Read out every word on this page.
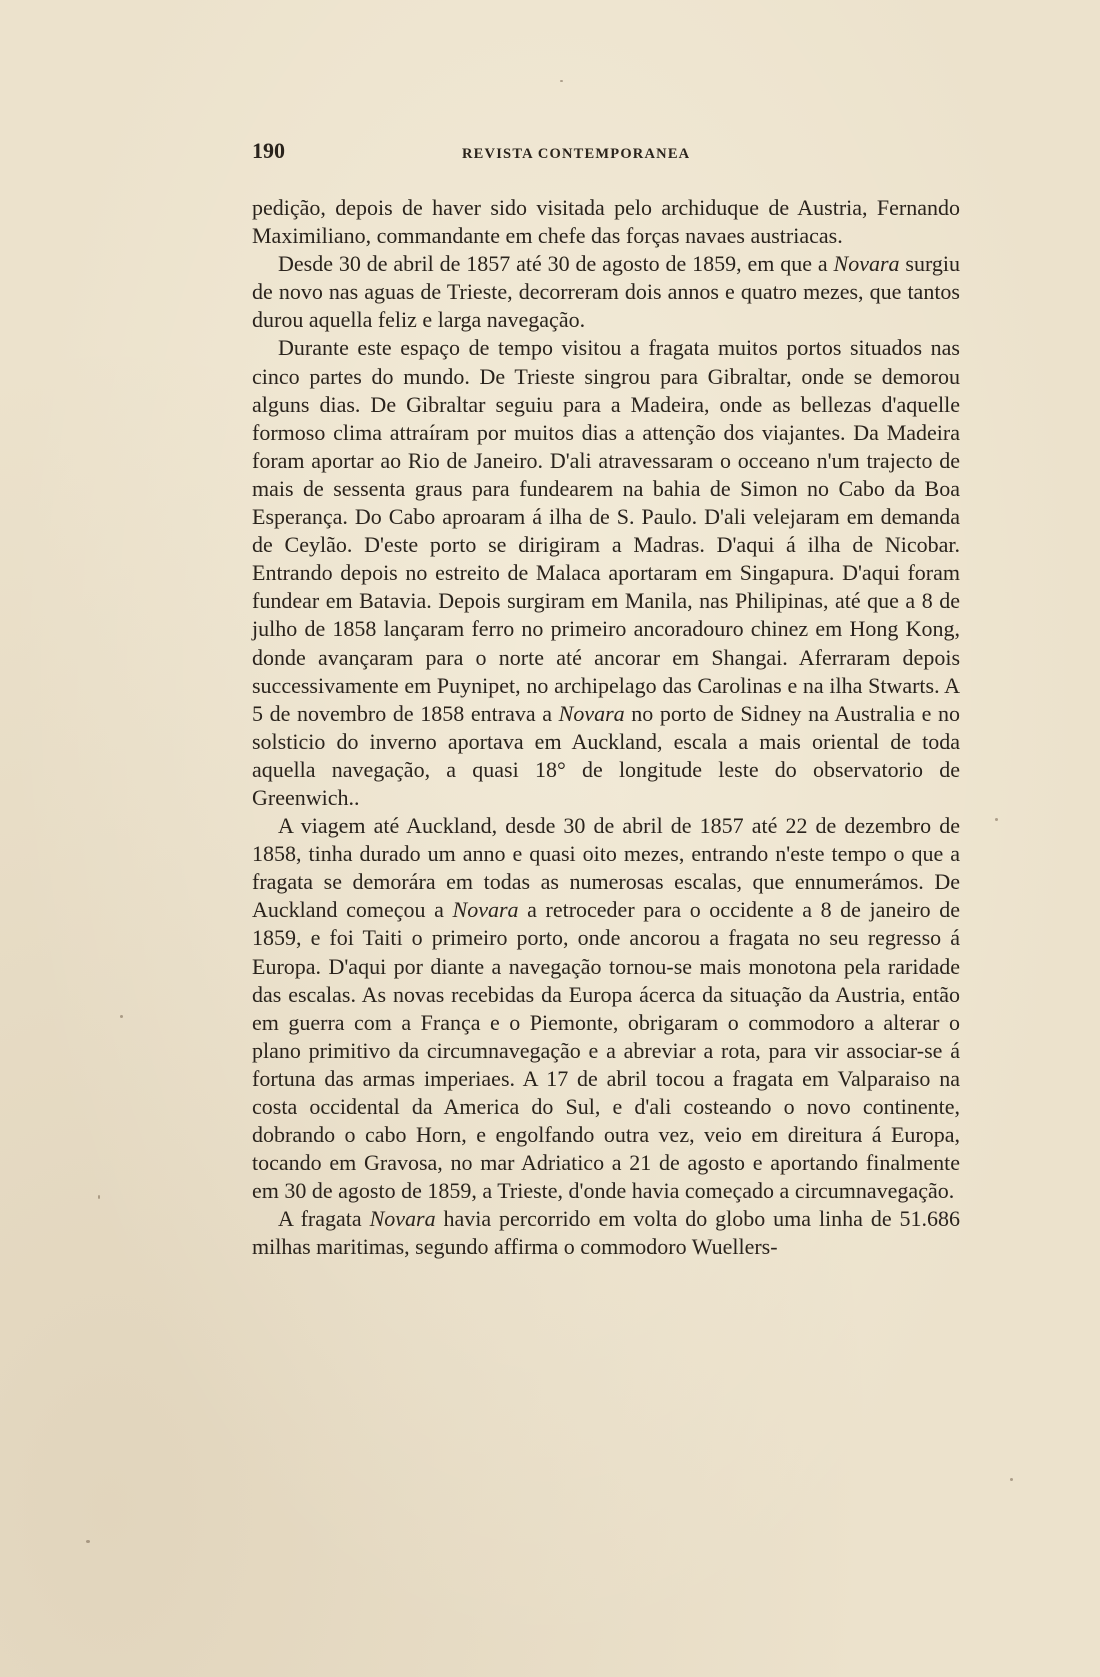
190	REVISTA CONTEMPORANEA

pedição, depois de haver sido visitada pelo archiduque de Austria, Fernando Maximiliano, commandante em chefe das forças navaes austriacas.

Desde 30 de abril de 1857 até 30 de agosto de 1859, em que a Novara surgiu de novo nas aguas de Trieste, decorreram dois annos e quatro mezes, que tantos durou aquella feliz e larga navegação.

Durante este espaço de tempo visitou a fragata muitos portos situados nas cinco partes do mundo. De Trieste singrou para Gibraltar, onde se demorou alguns dias. De Gibraltar seguiu para a Madeira, onde as bellezas d'aquelle formoso clima attraíram por muitos dias a attenção dos viajantes. Da Madeira foram aportar ao Rio de Janeiro. D'ali atravessaram o occeano n'um trajecto de mais de sessenta graus para fundearem na bahia de Simon no Cabo da Boa Esperança. Do Cabo aproaram á ilha de S. Paulo. D'ali velejaram em demanda de Ceylão. D'este porto se dirigiram a Madras. D'aqui á ilha de Nicobar. Entrando depois no estreito de Malaca aportaram em Singapura. D'aqui foram fundear em Batavia. Depois surgiram em Manila, nas Philipinas, até que a 8 de julho de 1858 lançaram ferro no primeiro ancoradouro chinez em Hong Kong, donde avançaram para o norte até ancorar em Shangai. Aferraram depois successivamente em Puynipet, no archipelago das Carolinas e na ilha Stwarts. A 5 de novembro de 1858 entrava a Novara no porto de Sidney na Australia e no solsticio do inverno aportava em Auckland, escala a mais oriental de toda aquella navegação, a quasi 18° de longitude leste do observatorio de Greenwich..

A viagem até Auckland, desde 30 de abril de 1857 até 22 de dezembro de 1858, tinha durado um anno e quasi oito mezes, entrando n'este tempo o que a fragata se demorára em todas as numerosas escalas, que ennumerámos. De Auckland começou a Novara a retroceder para o occidente a 8 de janeiro de 1859, e foi Taiti o primeiro porto, onde ancorou a fragata no seu regresso á Europa. D'aqui por diante a navegação tornou-se mais monotona pela raridade das escalas. As novas recebidas da Europa ácerca da situação da Austria, então em guerra com a França e o Piemonte, obrigaram o commodoro a alterar o plano primitivo da circumnavegação e a abreviar a rota, para vir associar-se á fortuna das armas imperiaes. A 17 de abril tocou a fragata em Valparaiso na costa occidental da America do Sul, e d'ali costeando o novo continente, dobrando o cabo Horn, e engolfando outra vez, veio em direitura á Europa, tocando em Gravosa, no mar Adriatico a 21 de agosto e aportando finalmente em 30 de agosto de 1859, a Trieste, d'onde havia começado a circumnavegação.

A fragata Novara havia percorrido em volta do globo uma linha de 51.686 milhas maritimas, segundo affirma o commodoro Wuellers-
